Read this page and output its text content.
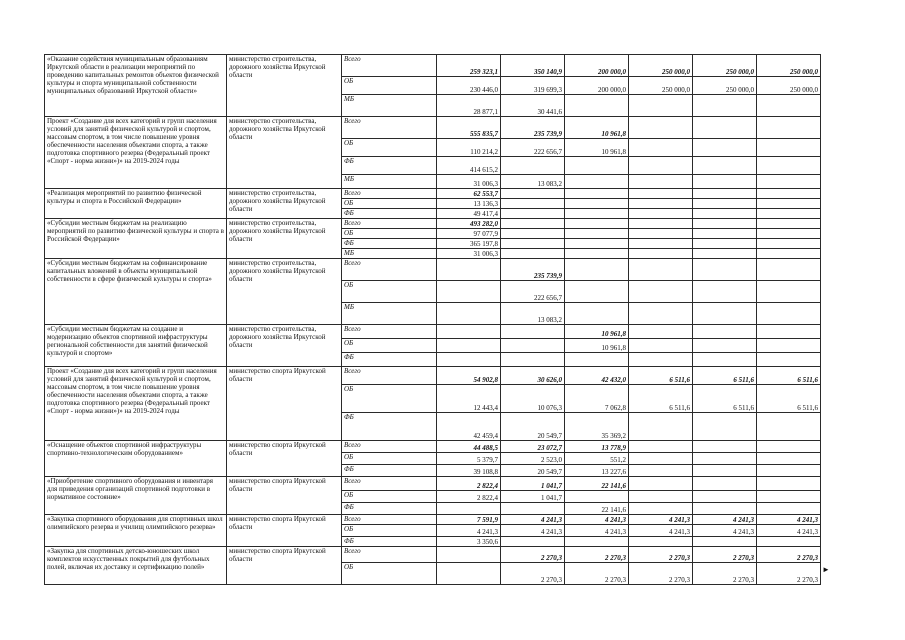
«Оказание содействия муниципальным образованиям Иркутской области в реализации мероприятий по проведению капитальных ремонтов объектов физической культуры и спорта муниципальной собственности муниципальных образований Иркутской области»	министерство строительства, дорожного хозяйства Иркутской области	Всего	259 323,1	350 140,9	200 000,0	250 000,0	250 000,0	250 000,0
		ОБ	230 446,0	319 699,3	200 000,0	250 000,0	250 000,0	250 000,0
		МБ	28 877,1	30 441,6				
Проект «Создание для всех категорий и групп населения условий для занятий физической культурой и спортом, массовым спортом, в том числе повышение уровня обеспеченности населения объектами спорта, а также подготовка спортивного резерва (Федеральный проект «Спорт - норма жизни»)» на 2019-2024 годы	министерство строительства, дорожного хозяйства Иркутской области	Всего	555 835,7	235 739,9	10 961,8			
		ОБ	110 214,2	222 656,7	10 961,8			
		ФБ	414 615,2					
		МБ	31 006,3	13 083,2				
«Реализация мероприятий по развитию физической культуры и спорта в Российской Федерации»	министерство строительства, дорожного хозяйства Иркутской области	Всего	62 553,7					
		ОБ	13 136,3					
		ФБ	49 417,4					
«Субсидии местным бюджетам на реализацию мероприятий по развитию физической культуры и спорта в Российской Федерации»	министерство строительства, дорожного хозяйства Иркутской области	Всего	493 282,0					
		ОБ	97 077,9					
		ФБ	365 197,8					
		МБ	31 006,3					
«Субсидии местным бюджетам на софинансирование капитальных вложений в объекты муниципальной собственности в сфере физической культуры и спорта»	министерство строительства, дорожного хозяйства Иркутской области	Всего		235 739,9				
		ОБ		222 656,7				
		МБ		13 083,2				
«Субсидии местным бюджетам на создание и модернизацию объектов спортивной инфраструктуры региональной собственности для занятий физической культурой и спортом»	министерство строительства, дорожного хозяйства Иркутской области	Всего			10 961,8			
		ОБ			10 961,8			
		ФБ						
Проект «Создание для всех категорий и групп населения условий для занятий физической культурой и спортом, массовым спортом, в том числе повышение уровня обеспеченности населения объектами спорта, а также подготовка спортивного резерва (Федеральный проект «Спорт - норма жизни»)» на 2019-2024 годы	министерство спорта Иркутской области	Всего	54 902,8	30 626,0	42 432,0	6 511,6	6 511,6	6 511,6
		ОБ	12 443,4	10 076,3	7 062,8	6 511,6	6 511,6	6 511,6
		ФБ	42 459,4	20 549,7	35 369,2			
«Оснащение объектов спортивной инфраструктуры спортивно-технологическим оборудованием»	министерство спорта Иркутской области	Всего	44 488,5	23 072,7	13 778,9			
		ОБ	5 379,7	2 523,0	551,2			
		ФБ	39 108,8	20 549,7	13 227,6			
«Приобретение спортивного оборудования и инвентаря для приведения организаций спортивной подготовки в нормативное состояние»	министерство спорта Иркутской области	Всего	2 822,4	1 041,7	22 141,6			
		ОБ	2 822,4	1 041,7				
		ФБ			22 141,6			
«Закупка спортивного оборудования для спортивных школ олимпийского резерва и училищ олимпийского резерва»	министерство спорта Иркутской области	Всего	7 591,9	4 241,3	4 241,3	4 241,3	4 241,3	4 241,3
		ОБ	4 241,3	4 241,3	4 241,3	4 241,3	4 241,3	4 241,3
		ФБ	3 350,6					
«Закупка для спортивных детско-юношеских школ комплектов искусственных покрытий для футбольных полей, включая их доставку и сертификацию полей»	министерство спорта Иркутской области	Всего		2 270,3	2 270,3	2 270,3	2 270,3	2 270,3
		ОБ		2 270,3	2 270,3	2 270,3	2 270,3	2 270,3
►
